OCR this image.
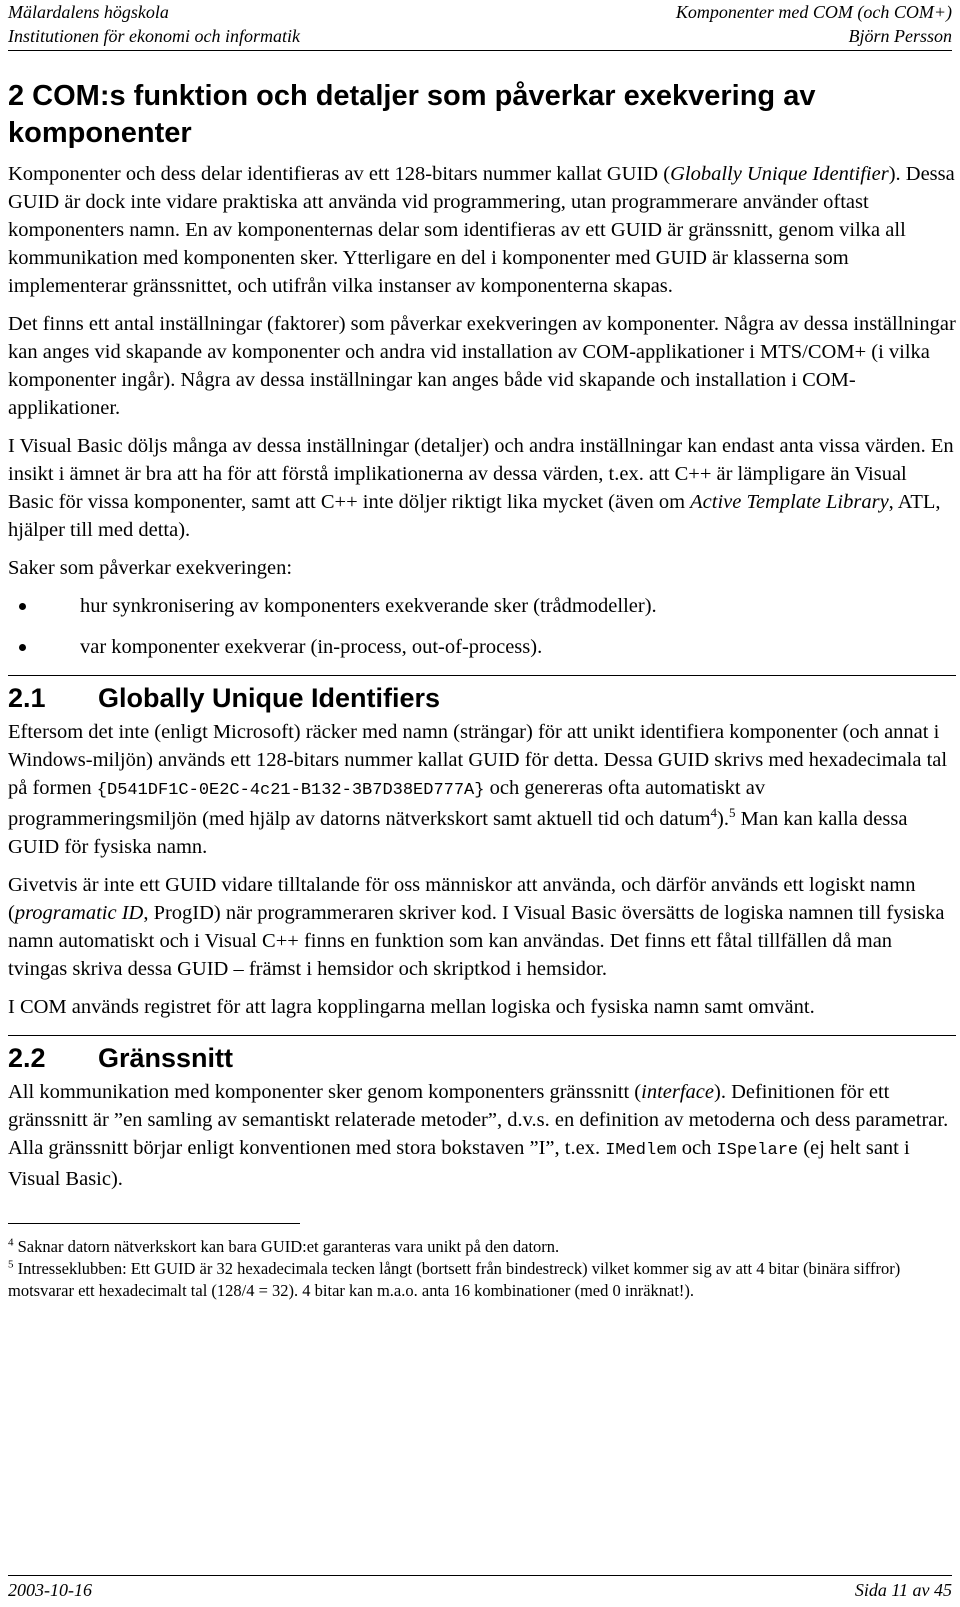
Mälardalens högskola
Institutionen för ekonomi och informatik
Komponenter med COM (och COM+)
Björn Persson
2 COM:s funktion och detaljer som påverkar exekvering av komponenter

Komponenter och dess delar identifieras av ett 128-bitars nummer kallat GUID (Globally Unique Identifier). Dessa GUID är dock inte vidare praktiska att använda vid programmering, utan programmerare använder oftast komponenters namn. En av komponenternas delar som identifieras av ett GUID är gränssnitt, genom vilka all kommunikation med komponenten sker. Ytterligare en del i komponenter med GUID är klasserna som implementerar gränssnittet, och utifrån vilka instanser av komponenterna skapas.

Det finns ett antal inställningar (faktorer) som påverkar exekveringen av komponenter. Några av dessa inställningar kan anges vid skapande av komponenter och andra vid installation av COM-applikationer i MTS/COM+ (i vilka komponenter ingår). Några av dessa inställningar kan anges både vid skapande och installation i COM-applikationer.

I Visual Basic döljs många av dessa inställningar (detaljer) och andra inställningar kan endast anta vissa värden. En insikt i ämnet är bra att ha för att förstå implikationerna av dessa värden, t.ex. att C++ är lämpligare än Visual Basic för vissa komponenter, samt att C++ inte döljer riktigt lika mycket (även om Active Template Library, ATL, hjälper till med detta).

Saker som påverkar exekveringen:

hur synkronisering av komponenters exekverande sker (trådmodeller).
var komponenter exekverar (in-process, out-of-process).
2.1 Globally Unique Identifiers

Eftersom det inte (enligt Microsoft) räcker med namn (strängar) för att unikt identifiera komponenter (och annat i Windows-miljön) används ett 128-bitars nummer kallat GUID för detta. Dessa GUID skrivs med hexadecimala tal på formen {D541DF1C-0E2C-4c21-B132-3B7D38ED777A} och genereras ofta automatiskt av programmeringsmiljön (med hjälp av datorns nätverkskort samt aktuell tid och datum$^4$).$^5$ Man kan kalla dessa GUID för fysiska namn.

Givetvis är inte ett GUID vidare tilltalande för oss människor att använda, och därför används ett logiskt namn (programatic ID, ProgID) när programmeraren skriver kod. I Visual Basic översätts de logiska namnen till fysiska namn automatiskt och i Visual C++ finns en funktion som kan användas. Det finns ett fåtal tillfällen då man tvingas skriva dessa GUID – främst i hemsidor och skriptkod i hemsidor.

I COM används registret för att lagra kopplingarna mellan logiska och fysiska namn samt omvänt.

2.2 Gränssnitt

All kommunikation med komponenter sker genom komponenters gränssnitt (interface). Definitionen för ett gränssnitt är ”en samling av semantiskt relaterade metoder”, d.v.s. en definition av metoderna och dess parametrar. Alla gränssnitt börjar enligt konventionen med stora bokstaven ”I”, t.ex. IMedlem och ISpelare (ej helt sant i Visual Basic).

$^4$ Saknar datorn nätverkskort kan bara GUID:et garanteras vara unikt på den datorn.

$^5$ Intresseklubben: Ett GUID är 32 hexadecimala tecken långt (bortsett från bindestreck) vilket kommer sig av att 4 bitar (binära siffror) motsvarar ett hexadecimalt tal (128/4 = 32). 4 bitar kan m.a.o. anta 16 kombinationer (med 0 inräknat!).

2003-10-16	Sida 11 av 45
